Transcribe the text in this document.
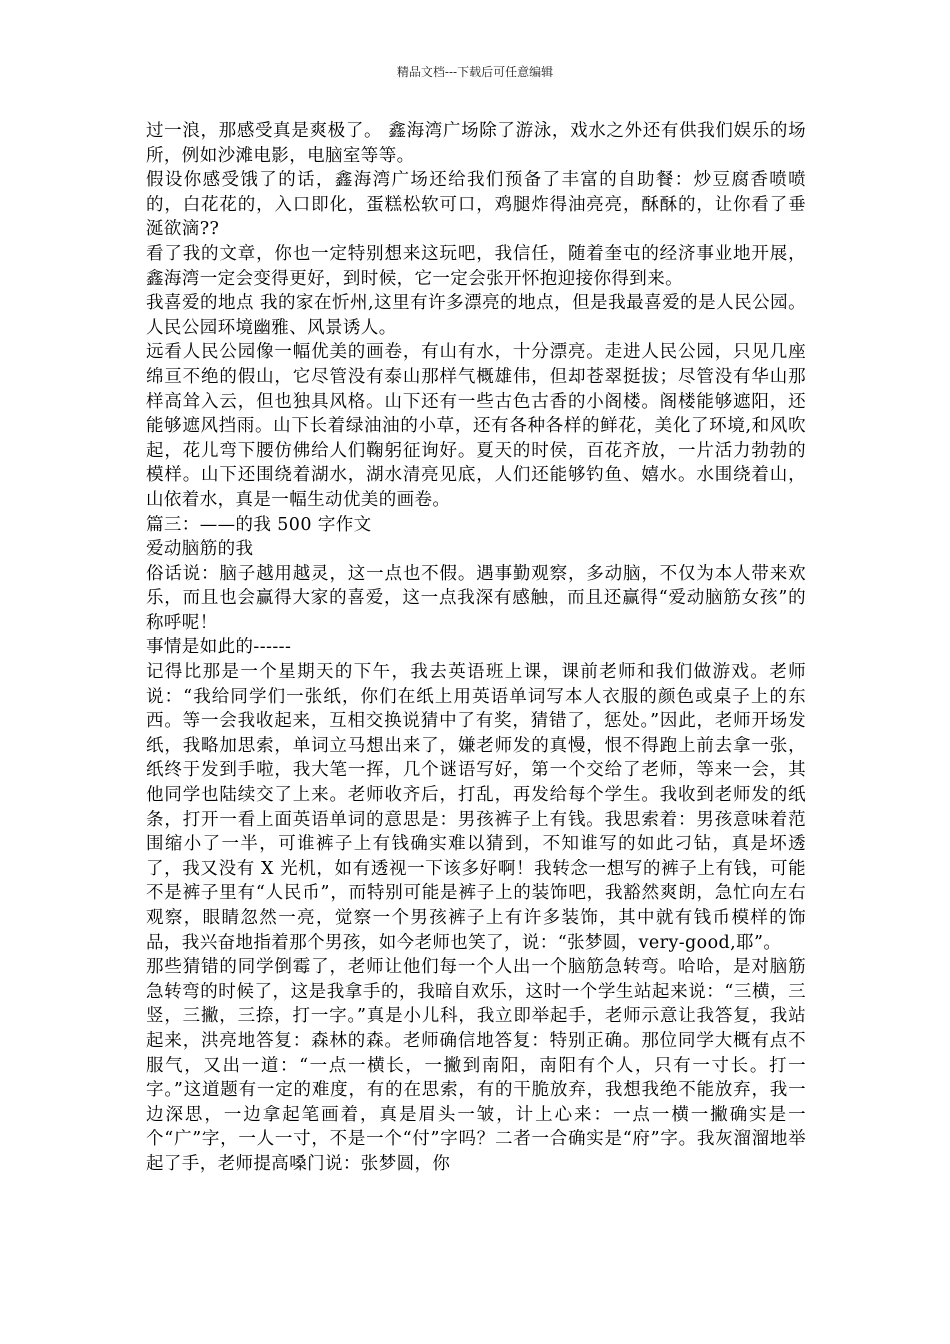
精品文档---下载后可任意编辑

过一浪，那感受真是爽极了。 鑫海湾广场除了游泳，戏水之外还有供我们娱乐的场所，例如沙滩电影，电脑室等等。

假设你感受饿了的话，鑫海湾广场还给我们预备了丰富的自助餐：炒豆腐香喷喷的，白花花的，入口即化，蛋糕松软可口，鸡腿炸得油亮亮，酥酥的，让你看了垂涎欲滴??

看了我的文章，你也一定特别想来这玩吧，我信任，随着奎屯的经济事业地开展，鑫海湾一定会变得更好，到时候，它一定会张开怀抱迎接你得到来。

我喜爱的地点 我的家在忻州,这里有许多漂亮的地点，但是我最喜爱的是人民公园。人民公园环境幽雅、风景诱人。

远看人民公园像一幅优美的画卷，有山有水，十分漂亮。走进人民公园，只见几座绵亘不绝的假山，它尽管没有泰山那样气概雄伟，但却苍翠挺拔；尽管没有华山那样高耸入云，但也独具风格。山下还有一些古色古香的小阁楼。阁楼能够遮阳，还能够遮风挡雨。山下长着绿油油的小草，还有各种各样的鲜花，美化了环境,和风吹起，花儿弯下腰仿佛给人们鞠躬征询好。夏天的时侯，百花齐放，一片活力勃勃的模样。山下还围绕着湖水，湖水清亮见底，人们还能够钓鱼、嬉水。水围绕着山，山依着水，真是一幅生动优美的画卷。

篇三：——的我 500 字作文

爱动脑筋的我

俗话说：脑子越用越灵，这一点也不假。遇事勤观察，多动脑，不仅为本人带来欢乐，而且也会赢得大家的喜爱，这一点我深有感触，而且还赢得“爱动脑筋女孩”的称呼呢！

事情是如此的------

记得比那是一个星期天的下午，我去英语班上课，课前老师和我们做游戏。老师说：“我给同学们一张纸，你们在纸上用英语单词写本人衣服的颜色或桌子上的东西。等一会我收起来，互相交换说猜中了有奖，猜错了，惩处。”因此，老师开场发纸，我略加思索，单词立马想出来了，嫌老师发的真慢，恨不得跑上前去拿一张，纸终于发到手啦，我大笔一挥，几个谜语写好，第一个交给了老师，等来一会，其他同学也陆续交了上来。老师收齐后，打乱，再发给每个学生。我收到老师发的纸条，打开一看上面英语单词的意思是：男孩裤子上有钱。我思索着：男孩意味着范围缩小了一半，可谁裤子上有钱确实难以猜到，不知谁写的如此刁钻，真是坏透了，我又没有 X 光机，如有透视一下该多好啊！我转念一想写的裤子上有钱，可能不是裤子里有“人民币”，而特别可能是裤子上的装饰吧，我豁然爽朗，急忙向左右观察，眼睛忽然一亮，觉察一个男孩裤子上有许多装饰，其中就有钱币模样的饰品，我兴奋地指着那个男孩，如今老师也笑了，说：“张梦圆，very-good,耶”。

那些猜错的同学倒霉了，老师让他们每一个人出一个脑筋急转弯。哈哈，是对脑筋急转弯的时候了，这是我拿手的，我暗自欢乐，这时一个学生站起来说：“三横，三竖，三撇，三捺，打一字。”真是小儿科，我立即举起手，老师示意让我答复，我站起来，洪亮地答复：森林的森。老师确信地答复：特别正确。那位同学大概有点不服气，又出一道：“一点一横长，一撇到南阳，南阳有个人，只有一寸长。打一字。”这道题有一定的难度，有的在思索，有的干脆放弃，我想我绝不能放弃，我一边深思，一边拿起笔画着，真是眉头一皱，计上心来：一点一横一撇确实是一个“广”字，一人一寸，不是一个“付”字吗？二者一合确实是“府”字。我灰溜溜地举起了手，老师提高嗓门说：张梦圆，你
